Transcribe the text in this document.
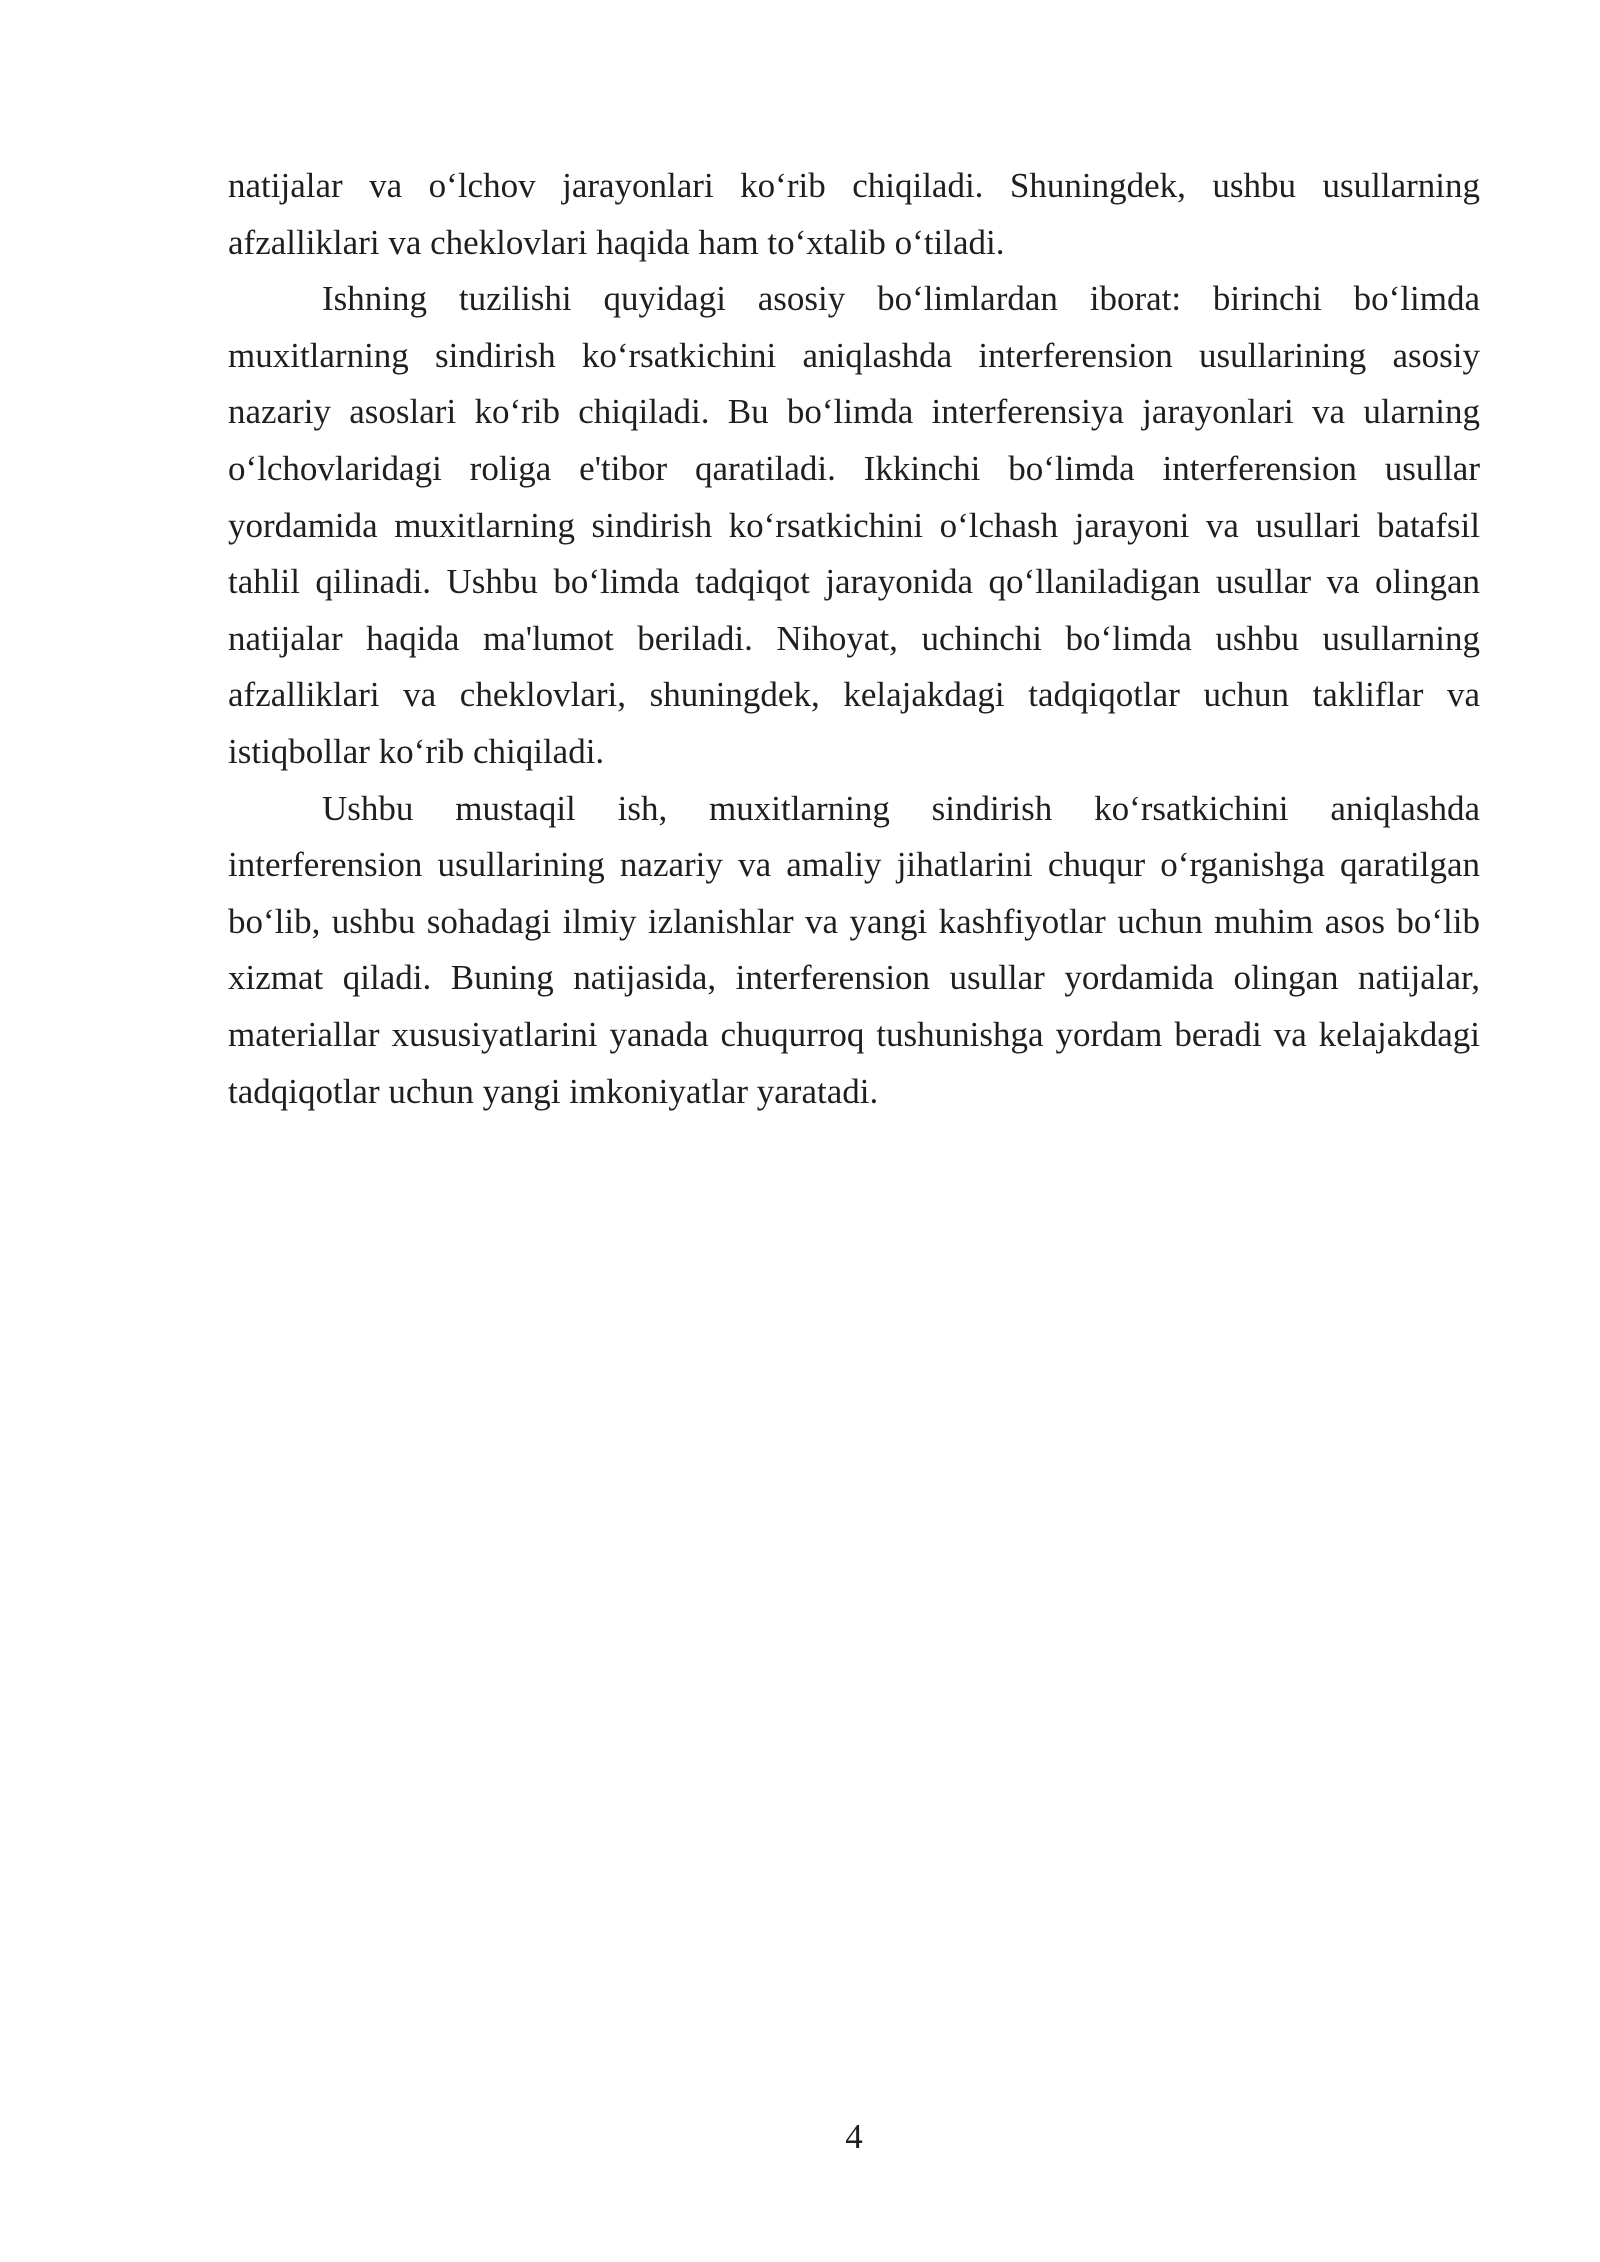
natijalar va o‘lchov jarayonlari ko‘rib chiqiladi. Shuningdek, ushbu usullarning afzalliklari va cheklovlari haqida ham to‘xtalib o‘tiladi.

Ishning tuzilishi quyidagi asosiy bo‘limlardan iborat: birinchi bo‘limda muxitlarning sindirish ko‘rsatkichini aniqlashda interferension usullarining asosiy nazariy asoslari ko‘rib chiqiladi. Bu bo‘limda interferensiya jarayonlari va ularning o‘lchovlaridagi roliga e'tibor qaratiladi. Ikkinchi bo‘limda interferension usullar yordamida muxitlarning sindirish ko‘rsatkichini o‘lchash jarayoni va usullari batafsil tahlil qilinadi. Ushbu bo‘limda tadqiqot jarayonida qo‘llaniladigan usullar va olingan natijalar haqida ma'lumot beriladi. Nihoyat, uchinchi bo‘limda ushbu usullarning afzalliklari va cheklovlari, shuningdek, kelajakdagi tadqiqotlar uchun takliflar va istiqbollar ko‘rib chiqiladi.

Ushbu mustaqil ish, muxitlarning sindirish ko‘rsatkichini aniqlashda interferension usullarining nazariy va amaliy jihatlarini chuqur o‘rganishga qaratilgan bo‘lib, ushbu sohadagi ilmiy izlanishlar va yangi kashfiyotlar uchun muhim asos bo‘lib xizmat qiladi. Buning natijasida, interferension usullar yordamida olingan natijalar, materiallar xususiyatlarini yanada chuqurroq tushunishga yordam beradi va kelajakdagi tadqiqotlar uchun yangi imkoniyatlar yaratadi.

4
